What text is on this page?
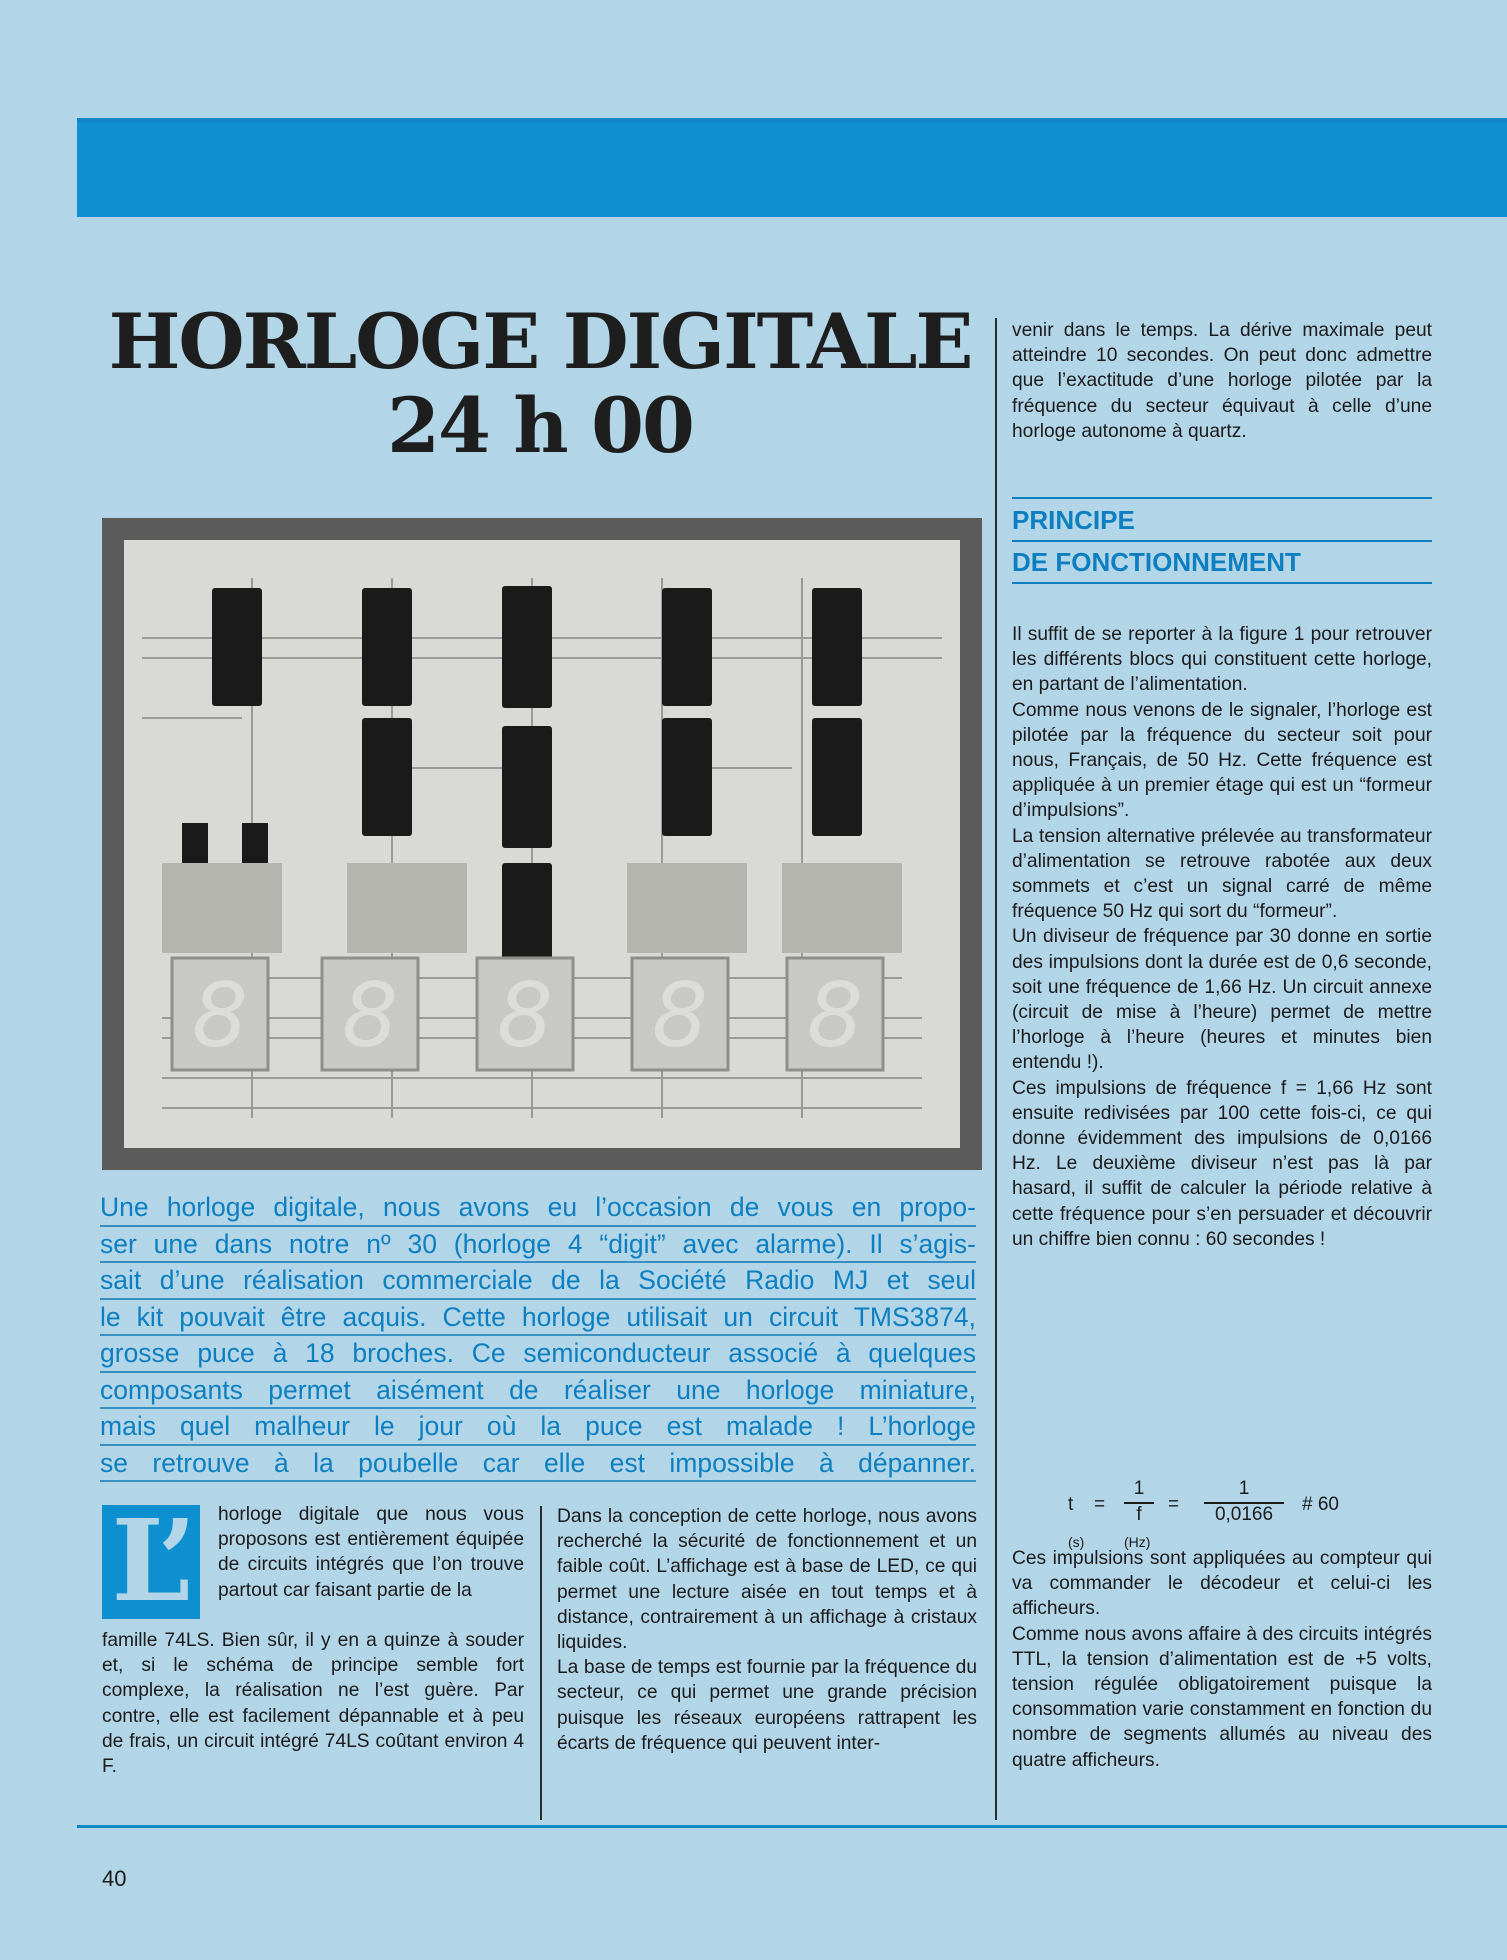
HORLOGE DIGITALE
24 h 00
8 8 8 8 8
Une horloge digitale, nous avons eu l’occasion de vous en propo-
ser une dans notre nº 30 (horloge 4 “digit” avec alarme). Il s’agis-
sait d’une réalisation commerciale de la Société Radio MJ et seul
le kit pouvait être acquis. Cette horloge utilisait un circuit TMS3874,
grosse puce à 18 broches. Ce semiconducteur associé à quelques
composants permet aisément de réaliser une horloge miniature,
mais quel malheur le jour où la puce est malade ! L’horloge
se retrouve à la poubelle car elle est impossible à dépanner.
L’	horloge digitale que nous vous proposons est entièrement équipée de circuits intégrés que l’on trouve partout car faisant partie de la

famille 74LS. Bien sûr, il y en a quinze à souder et, si le schéma de principe semble fort complexe, la réalisation ne l’est guère. Par contre, elle est facilement dépannable et à peu de frais, un circuit intégré 74LS coûtant environ 4 F.

Dans la conception de cette horloge, nous avons recherché la sécurité de fonctionnement et un faible coût. L’affichage est à base de LED, ce qui permet une lecture aisée en tout temps et à distance, contrairement à un affichage à cristaux liquides.

La base de temps est fournie par la fréquence du secteur, ce qui permet une grande précision puisque les réseaux européens rattrapent les écarts de fréquence qui peuvent inter-

venir dans le temps. La dérive maximale peut atteindre 10 secondes. On peut donc admettre que l’exactitude d’une horloge pilotée par la fréquence du secteur équivaut à celle d’une horloge autonome à quartz.

PRINCIPE
DE FONCTIONNEMENT

Il suffit de se reporter à la figure 1 pour retrouver les différents blocs qui constituent cette horloge, en partant de l’alimentation.

Comme nous venons de le signaler, l’horloge est pilotée par la fréquence du secteur soit pour nous, Français, de 50 Hz. Cette fréquence est appliquée à un premier étage qui est un “formeur d’impulsions”.

La tension alternative prélevée au transformateur d’alimentation se retrouve rabotée aux deux sommets et c’est un signal carré de même fréquence 50 Hz qui sort du “formeur”.

Un diviseur de fréquence par 30 donne en sortie des impulsions dont la durée est de 0,6 seconde, soit une fréquence de 1,66 Hz. Un circuit annexe (circuit de mise à l’heure) permet de mettre l’horloge à l’heure (heures et minutes bien entendu !).

Ces impulsions de fréquence f = 1,66 Hz sont ensuite redivisées par 100 cette fois-ci, ce qui donne évidemment des impulsions de 0,0166 Hz. Le deuxième diviseur n’est pas là par hasard, il suffit de calculer la période relative à cette fréquence pour s’en persuader et découvrir un chiffre bien connu : 60 secondes !

t =
1
f	=
1
0,0166	# 60
(s)	(Hz)

Ces impulsions sont appliquées au compteur qui va commander le décodeur et celui-ci les afficheurs.

Comme nous avons affaire à des circuits intégrés TTL, la tension d’alimentation est de +5 volts, tension régulée obligatoirement puisque la consommation varie constamment en fonction du nombre de segments allumés au niveau des quatre afficheurs.

40
